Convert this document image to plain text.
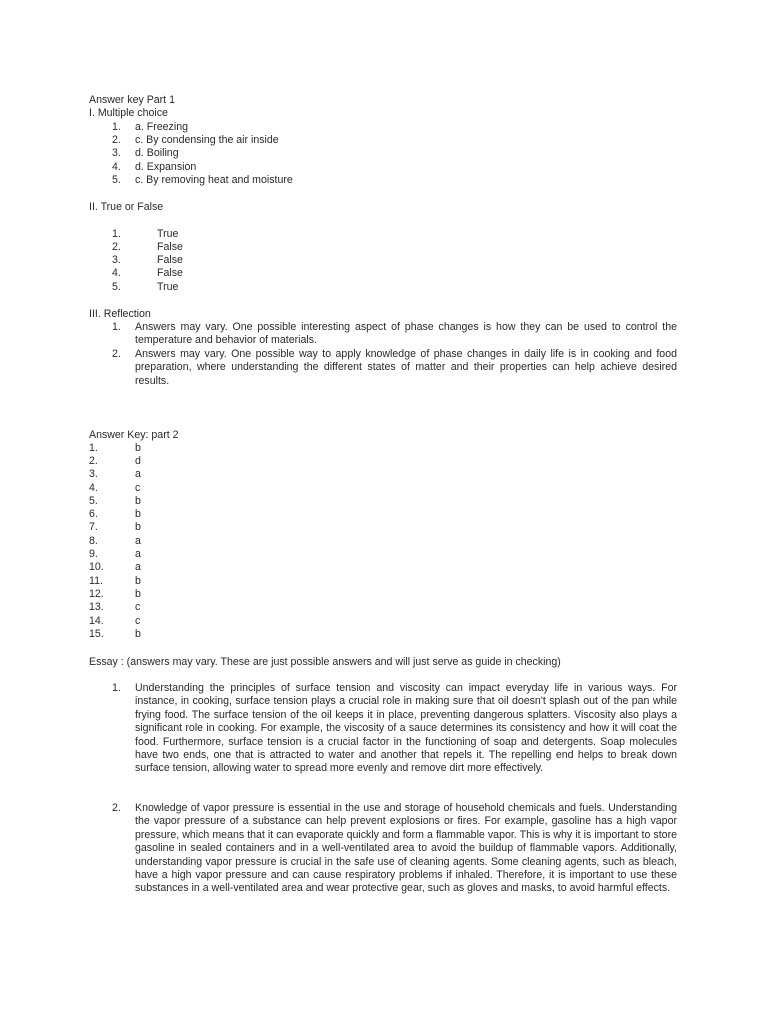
Answer key Part 1
I. Multiple choice
1. a. Freezing
2. c. By condensing the air inside
3. d. Boiling
4. d. Expansion
5. c. By removing heat and moisture
II. True or False
1.	True
2.	False
3.	False
4.	False
5.	True
III. Reflection
1. Answers may vary. One possible interesting aspect of phase changes is how they can be used to control the temperature and behavior of materials.
2. Answers may vary. One possible way to apply knowledge of phase changes in daily life is in cooking and food preparation, where understanding the different states of matter and their properties can help achieve desired results.
Answer Key: part 2
1.	b
2.	d
3.	a
4.	c
5.	b
6.	b
7.	b
8.	a
9.	a
10.	a
11.	b
12.	b
13.	c
14.	c
15.	b
Essay : (answers may vary. These are just possible answers and will just serve as guide in checking)
1. Understanding the principles of surface tension and viscosity can impact everyday life in various ways. For instance, in cooking, surface tension plays a crucial role in making sure that oil doesn't splash out of the pan while frying food. The surface tension of the oil keeps it in place, preventing dangerous splatters. Viscosity also plays a significant role in cooking. For example, the viscosity of a sauce determines its consistency and how it will coat the food. Furthermore, surface tension is a crucial factor in the functioning of soap and detergents. Soap molecules have two ends, one that is attracted to water and another that repels it. The repelling end helps to break down surface tension, allowing water to spread more evenly and remove dirt more effectively.
2. Knowledge of vapor pressure is essential in the use and storage of household chemicals and fuels. Understanding the vapor pressure of a substance can help prevent explosions or fires. For example, gasoline has a high vapor pressure, which means that it can evaporate quickly and form a flammable vapor. This is why it is important to store gasoline in sealed containers and in a well-ventilated area to avoid the buildup of flammable vapors. Additionally, understanding vapor pressure is crucial in the safe use of cleaning agents. Some cleaning agents, such as bleach, have a high vapor pressure and can cause respiratory problems if inhaled. Therefore, it is important to use these substances in a well-ventilated area and wear protective gear, such as gloves and masks, to avoid harmful effects.
